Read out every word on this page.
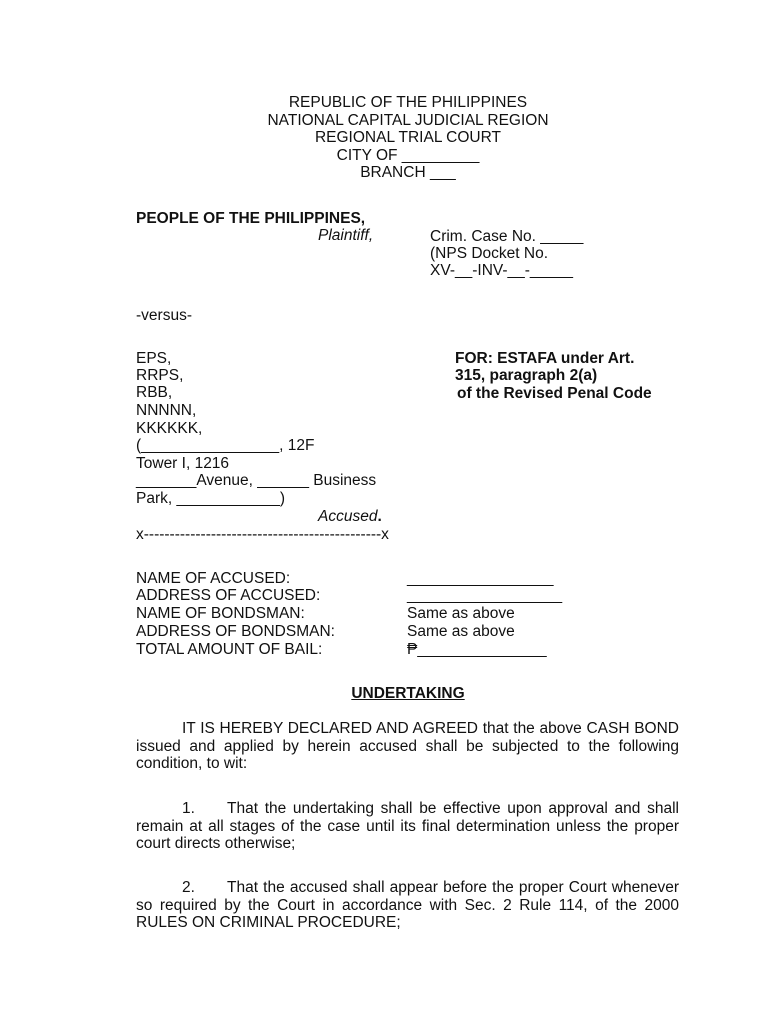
REPUBLIC OF THE PHILIPPINES
NATIONAL CAPITAL JUDICIAL REGION
REGIONAL TRIAL COURT
CITY OF _________
BRANCH ___
PEOPLE OF THE PHILIPPINES,
Plaintiff,	Crim. Case No. _____
(NPS Docket No.
XV-__-INV-__-_____
-versus-
EPS,
RRPS,
RBB,
NNNNN,
KKKKKK,
(________________, 12F
Tower I, 1216
_______Avenue, ______ Business
Park, ____________)
Accused.
FOR: ESTAFA under Art.
315, paragraph 2(a)
of the Revised Penal Code
x----------------------------------------------x
NAME OF ACCUSED:	_________________
ADDRESS OF ACCUSED:	__________________
NAME OF BONDSMAN:	Same as above
ADDRESS OF BONDSMAN:	Same as above
TOTAL AMOUNT OF BAIL:	₱_______________
UNDERTAKING
IT IS HEREBY DECLARED AND AGREED that the above CASH BOND issued and applied by herein accused shall be subjected to the following condition, to wit:
1. That the undertaking shall be effective upon approval and shall remain at all stages of the case until its final determination unless the proper court directs otherwise;
2. That the accused shall appear before the proper Court whenever so required by the Court in accordance with Sec. 2 Rule 114, of the 2000 RULES ON CRIMINAL PROCEDURE;
